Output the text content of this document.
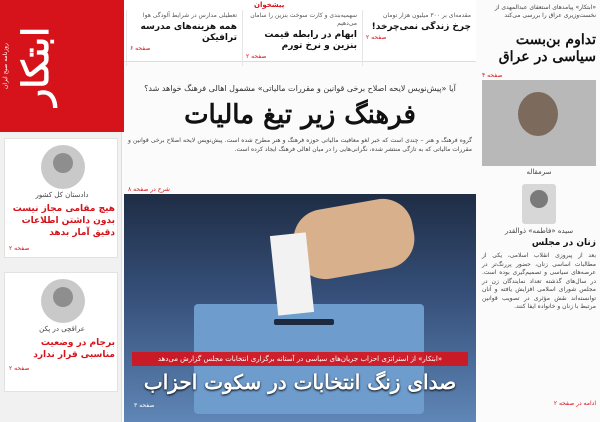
دادستان کل کشور
هیچ مقامی مجاز نیست بدون داشتن اطلاعات دقیق آمار بدهد
صفحه ۲
عراقچی در پکن
برجام در وضعیت مناسبی قرار ندارد
صفحه ۲
پیشخوان
سهمیه‌بندی و کارت سوخت بنزین را سامان می‌دهیم
ابهام در رابطه قیمت بنزین و نرخ تورم
صفحه ۲
تعطیلی مدارس در شرایط آلودگی هوا
همه هزینه‌های مدرسه ترافیکن
صفحه ۶
مقدمه‌ای بر ۳۰۰ میلیون هزار تومان
چرخ زندگی نمی‌چرخد!
صفحه ۲
آیا «پیش‌نویس لایحه اصلاح برخی قوانین و مقررات مالیاتی» مشمول اهالی فرهنگ خواهد شد؟
فرهنگ زیر تیغ مالیات
گروه فرهنگ و هنر – چندی است که خبر لغو معافیت مالیاتی حوزه فرهنگ و هنر مطرح شده است. پیش‌نویس لایحه اصلاح برخی قوانین و مقررات مالیاتی که به تازگی منتشر شده، نگرانی‌هایی را در میان اهالی فرهنگ ایجاد کرده است.
شرح در صفحه ۸
«ابتکار» از استراتژی احزاب جریان‌های سیاسی در آستانه برگزاری انتخابات مجلس گزارش می‌دهد
صدای زنگ انتخابات در سکوت احزاب
صفحه ۳
«ابتکار» پیامدهای استعفای عبدالمهدی از نخست‌وزیری عراق را بررسی می‌کند
تداوم بن‌بست سیاسی در عراق
صفحه ۴
سرمقاله
سیده «فاطمه» ذوالقدر
زنان در مجلس
بعد از پیروزی انقلاب اسلامی، یکی از مطالبات اساسی زنان، حضور پررنگ‌تر در عرصه‌های سیاسی و تصمیم‌گیری بوده است. در سال‌های گذشته تعداد نمایندگان زن در مجلس شورای اسلامی افزایش یافته و آنان توانسته‌اند نقش مؤثری در تصویب قوانین مرتبط با زنان و خانواده ایفا کنند.
ادامه در صفحه ۲
ابتکار
روزنامه صبح ایران
